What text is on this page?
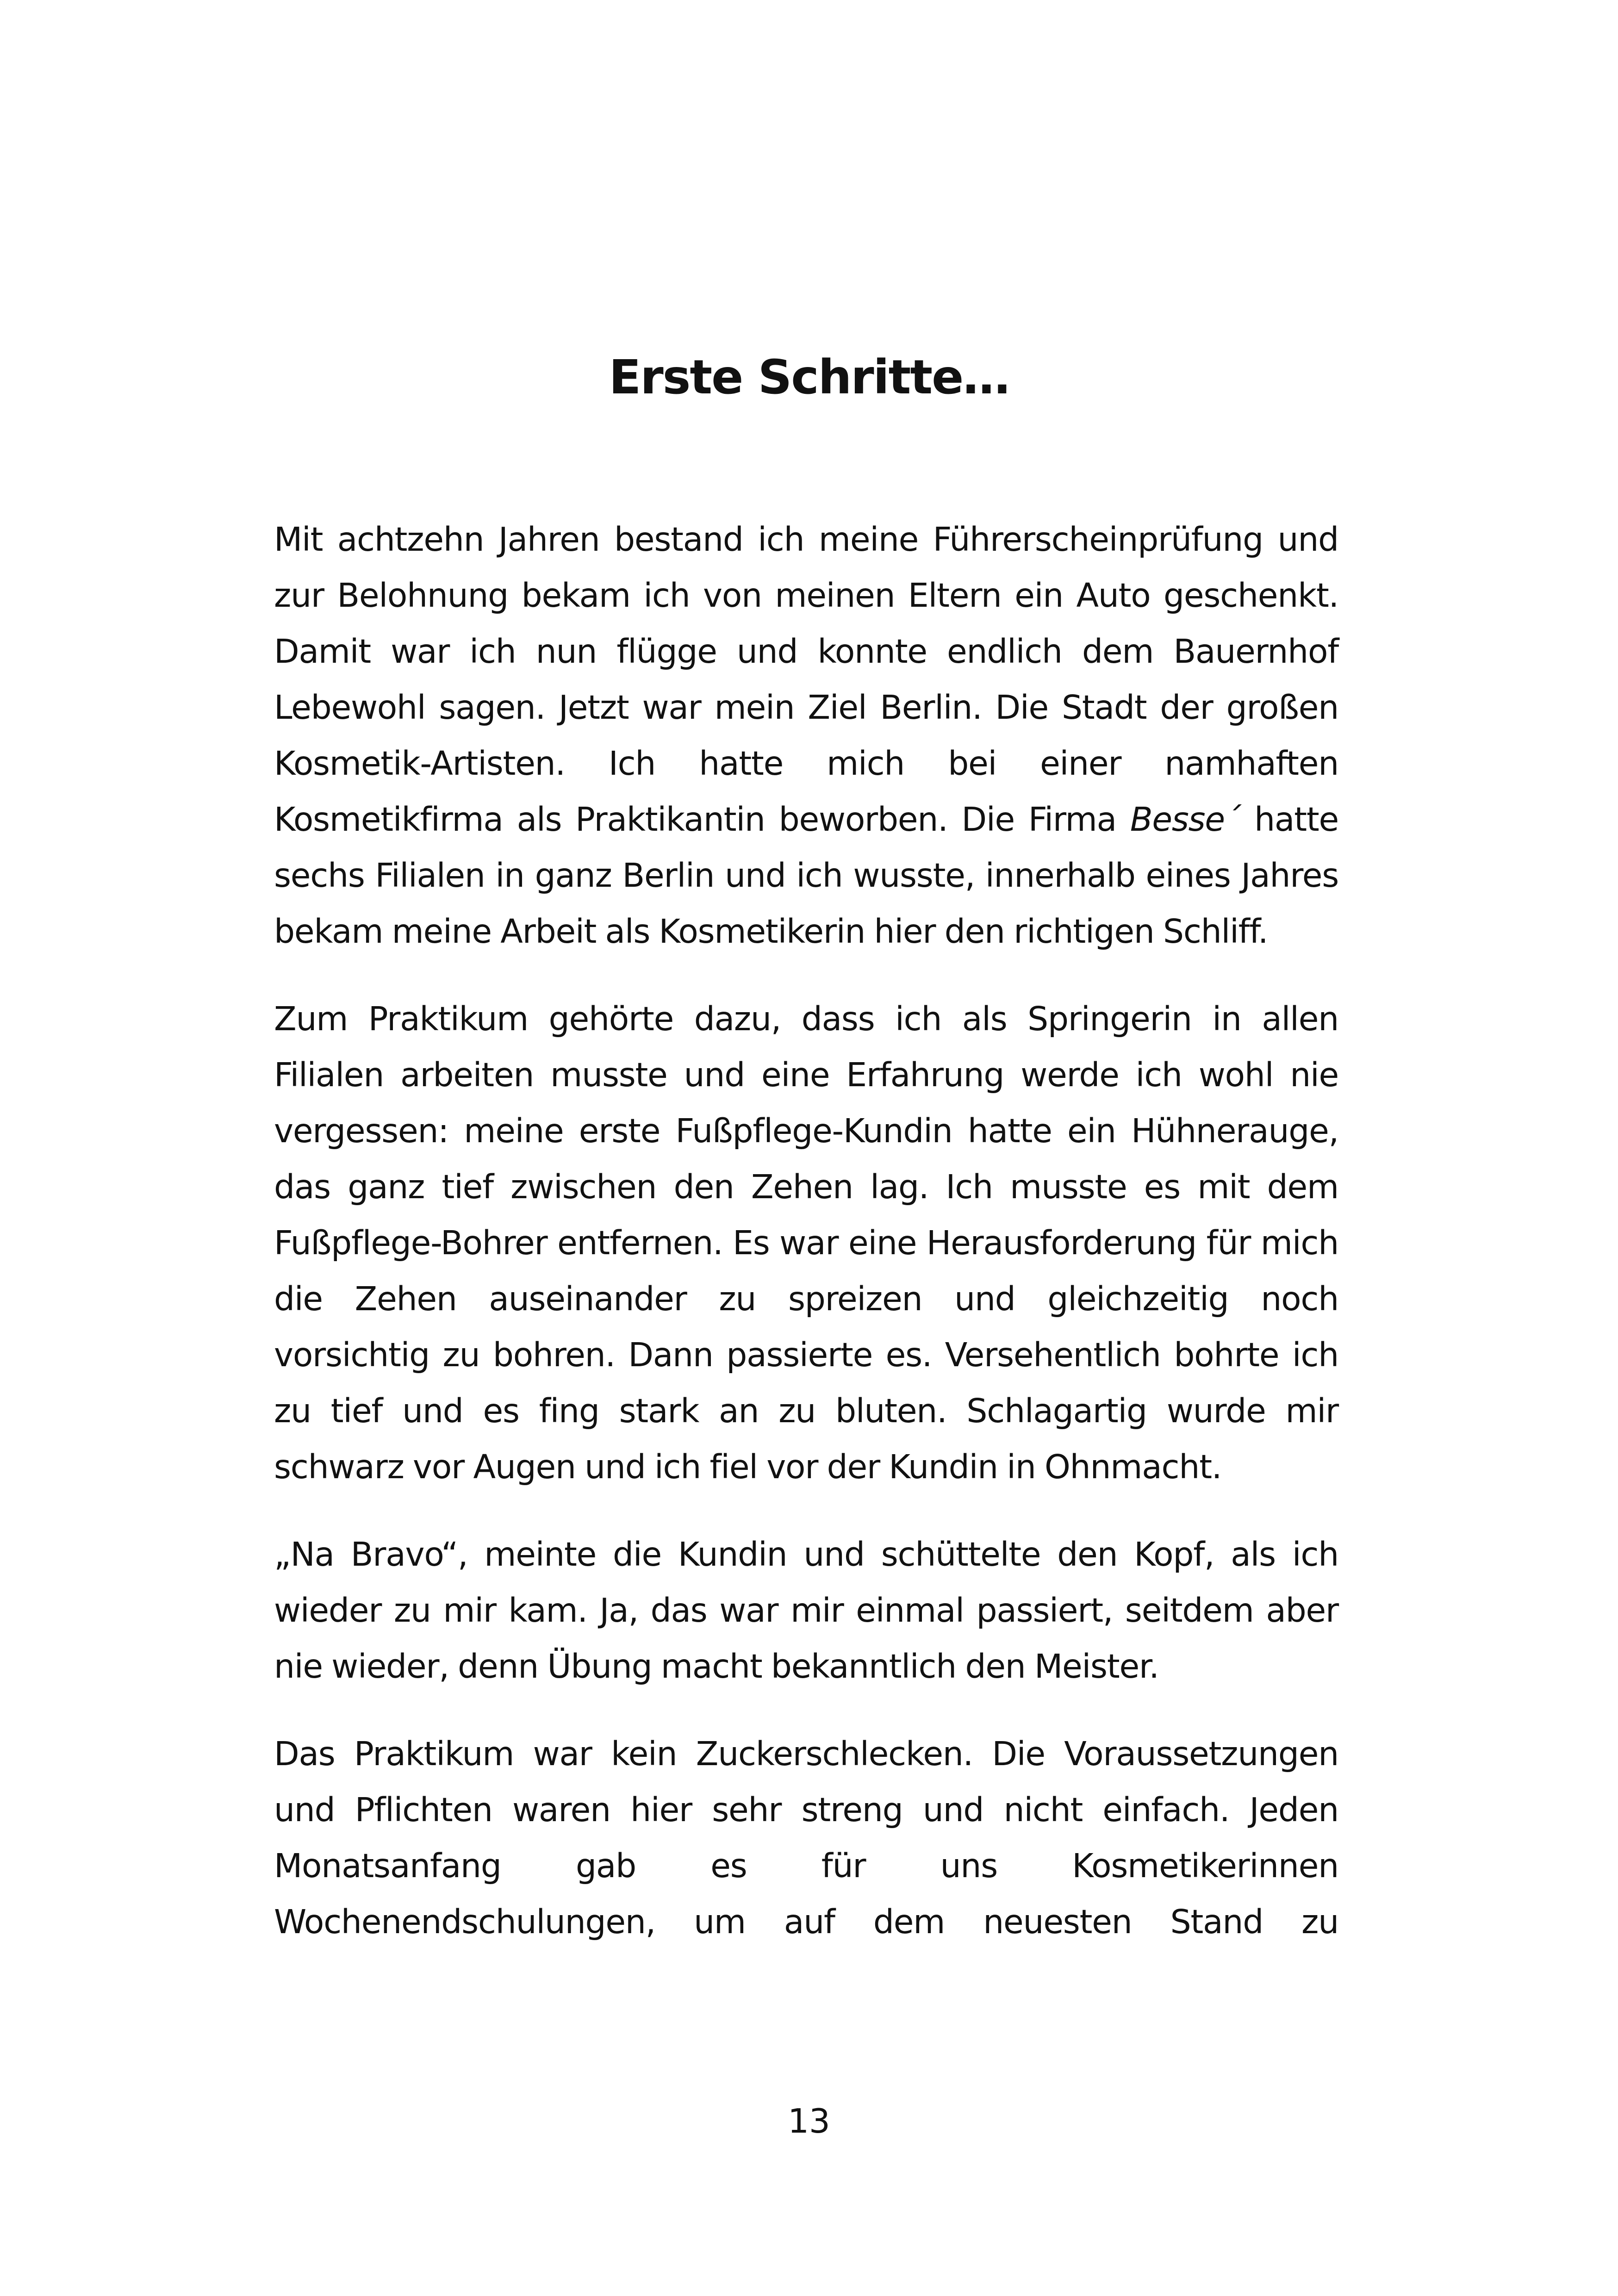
Erste Schritte…

Mit achtzehn Jahren bestand ich meine Führerscheinprüfung und zur Belohnung bekam ich von meinen Eltern ein Auto geschenkt. Damit war ich nun flügge und konnte endlich dem Bauernhof Lebewohl sagen. Jetzt war mein Ziel Berlin. Die Stadt der großen Kosmetik-Artisten. Ich hatte mich bei einer namhaften Kosmetikfirma als Praktikantin beworben. Die Firma Besse´ hatte sechs Filialen in ganz Berlin und ich wusste, innerhalb eines Jahres bekam meine Arbeit als Kosmetikerin hier den richtigen Schliff.

Zum Praktikum gehörte dazu, dass ich als Springerin in allen Filialen arbeiten musste und eine Erfahrung werde ich wohl nie vergessen: meine erste Fußpflege-Kundin hatte ein Hühnerauge, das ganz tief zwischen den Zehen lag. Ich musste es mit dem Fußpflege-Bohrer entfernen. Es war eine Herausforderung für mich die Zehen auseinander zu spreizen und gleichzeitig noch vorsichtig zu bohren. Dann passierte es. Versehentlich bohrte ich zu tief und es fing stark an zu bluten. Schlagartig wurde mir schwarz vor Augen und ich fiel vor der Kundin in Ohnmacht.

„Na Bravo“, meinte die Kundin und schüttelte den Kopf, als ich wieder zu mir kam. Ja, das war mir einmal passiert, seitdem aber nie wieder, denn Übung macht bekanntlich den Meister.

Das Praktikum war kein Zuckerschlecken. Die Voraussetzungen und Pflichten waren hier sehr streng und nicht einfach. Jeden Monatsanfang gab es für uns Kosmetikerinnen Wochenendschulungen, um auf dem neuesten Stand zu

13
